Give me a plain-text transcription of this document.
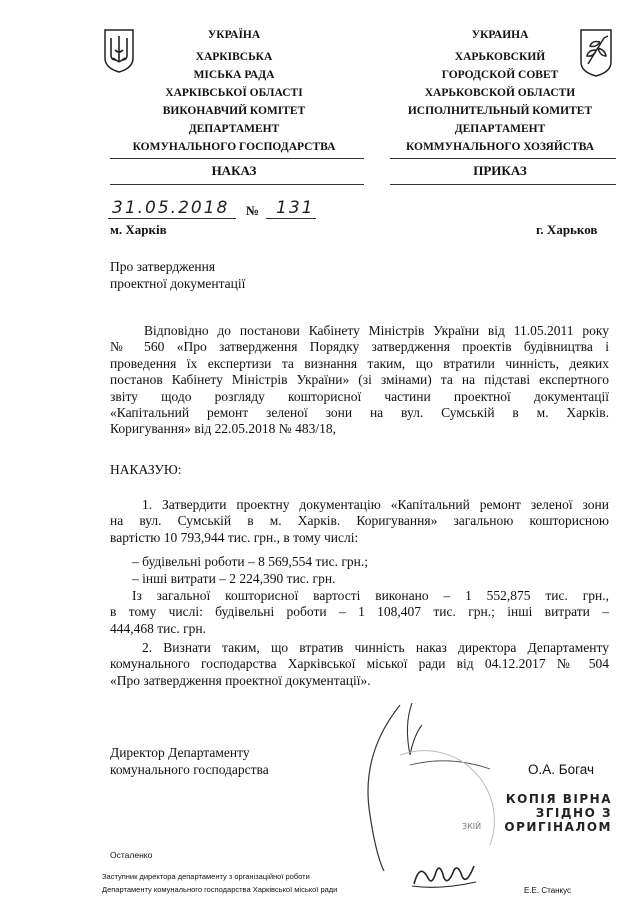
УКРАЇНА
ХАРКІВСЬКА
МІСЬКА РАДА
ХАРКІВСЬКОЇ ОБЛАСТІ
ВИКОНАВЧИЙ КОМІТЕТ
ДЕПАРТАМЕНТ
КОМУНАЛЬНОГО ГОСПОДАРСТВА
УКРАИНА
ХАРЬКОВСКИЙ
ГОРОДСКОЙ СОВЕТ
ХАРЬКОВСКОЙ ОБЛАСТИ
ИСПОЛНИТЕЛЬНЫЙ КОМИТЕТ
ДЕПАРТАМЕНТ
КОММУНАЛЬНОГО ХОЗЯЙСТВА
НАКАЗ	ПРИКАЗ
31.05.2018 № 131
м. Харків	г. Харьков
Про затвердження
проектної документації
Відповідно до постанови Кабінету Міністрів України від 11.05.2011 року
№ 560 «Про затвердження Порядку затвердження проектів будівництва і
проведення їх експертизи та визнання таким, що втратили чинність, деяких
постанов Кабінету Міністрів України» (зі змінами) та на підставі експертного
звіту щодо розгляду кошторисної частини проектної документації
«Капітальний ремонт зеленої зони на вул. Сумській в м. Харків.
Коригування» від 22.05.2018 № 483/18,
НАКАЗУЮ:
1. Затвердити проектну документацію «Капітальний ремонт зеленої зони
на вул. Сумській в м. Харків. Коригування» загальною кошторисною
вартістю 10 793,944 тис. грн., в тому числі:
– будівельні роботи – 8 569,554 тис. грн.;
– інші витрати – 2 224,390 тис. грн.
Із загальної кошторисної вартості виконано – 1 552,875 тис. грн.,
в тому числі: будівельні роботи – 1 108,407 тис. грн.; інші витрати –
444,468 тис. грн.
2. Визнати таким, що втратив чинність наказ директора Департаменту
комунального господарства Харківської міської ради від 04.12.2017 № 504
«Про затвердження проектної документації».
Директор Департаменту
комунального господарства	О.А. Богач
ЗКІЙ
КОПІЯ ВІРНА
ЗГІДНО З
ОРИГІНАЛОМ
Осталенко
Заступник директора департаменту з організаційної роботи
Департаменту комунального господарства Харківської міської ради	Е.Е. Станкус
